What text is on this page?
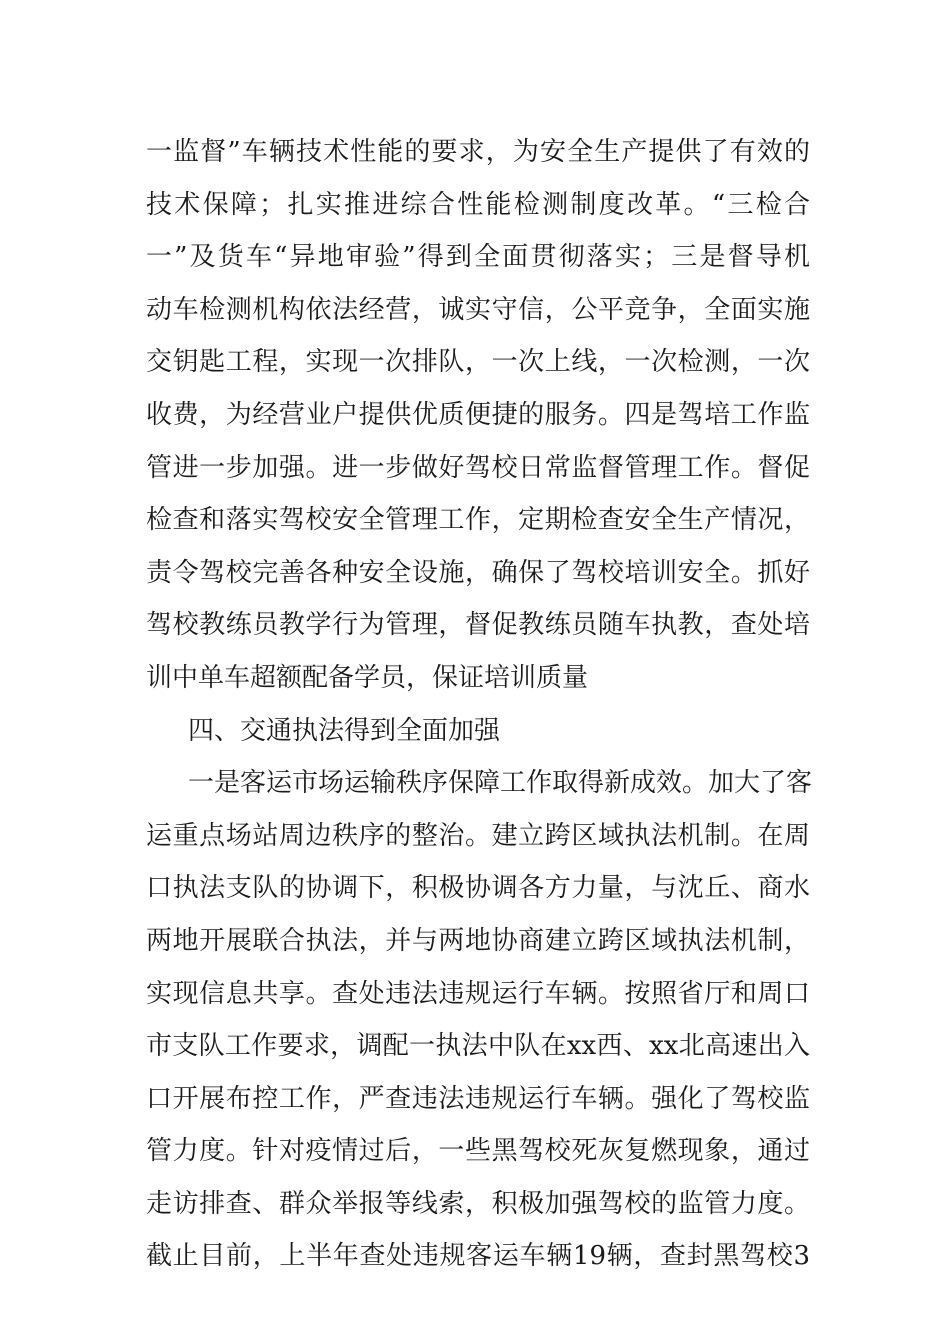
一监督”车辆技术性能的要求，为安全生产提供了有效的
技术保障；扎实推进综合性能检测制度改革。“三检合
一”及货车“异地审验”得到全面贯彻落实；三是督导机
动车检测机构依法经营，诚实守信，公平竞争，全面实施
交钥匙工程，实现一次排队，一次上线，一次检测，一次
收费，为经营业户提供优质便捷的服务。四是驾培工作监
管进一步加强。进一步做好驾校日常监督管理工作。督促
检查和落实驾校安全管理工作，定期检查安全生产情况，
责令驾校完善各种安全设施，确保了驾校培训安全。抓好
驾校教练员教学行为管理，督促教练员随车执教，查处培
训中单车超额配备学员，保证培训质量
四、交通执法得到全面加强
一是客运市场运输秩序保障工作取得新成效。加大了客
运重点场站周边秩序的整治。建立跨区域执法机制。在周
口执法支队的协调下，积极协调各方力量，与沈丘、商水
两地开展联合执法，并与两地协商建立跨区域执法机制，
实现信息共享。查处违法违规运行车辆。按照省厅和周口
市支队工作要求，调配一执法中队在xx西、xx北高速出入
口开展布控工作，严查违法违规运行车辆。强化了驾校监
管力度。针对疫情过后，一些黑驾校死灰复燃现象，通过
走访排查、群众举报等线索，积极加强驾校的监管力度。
截止目前，上半年查处违规客运车辆19辆，查封黑驾校3
